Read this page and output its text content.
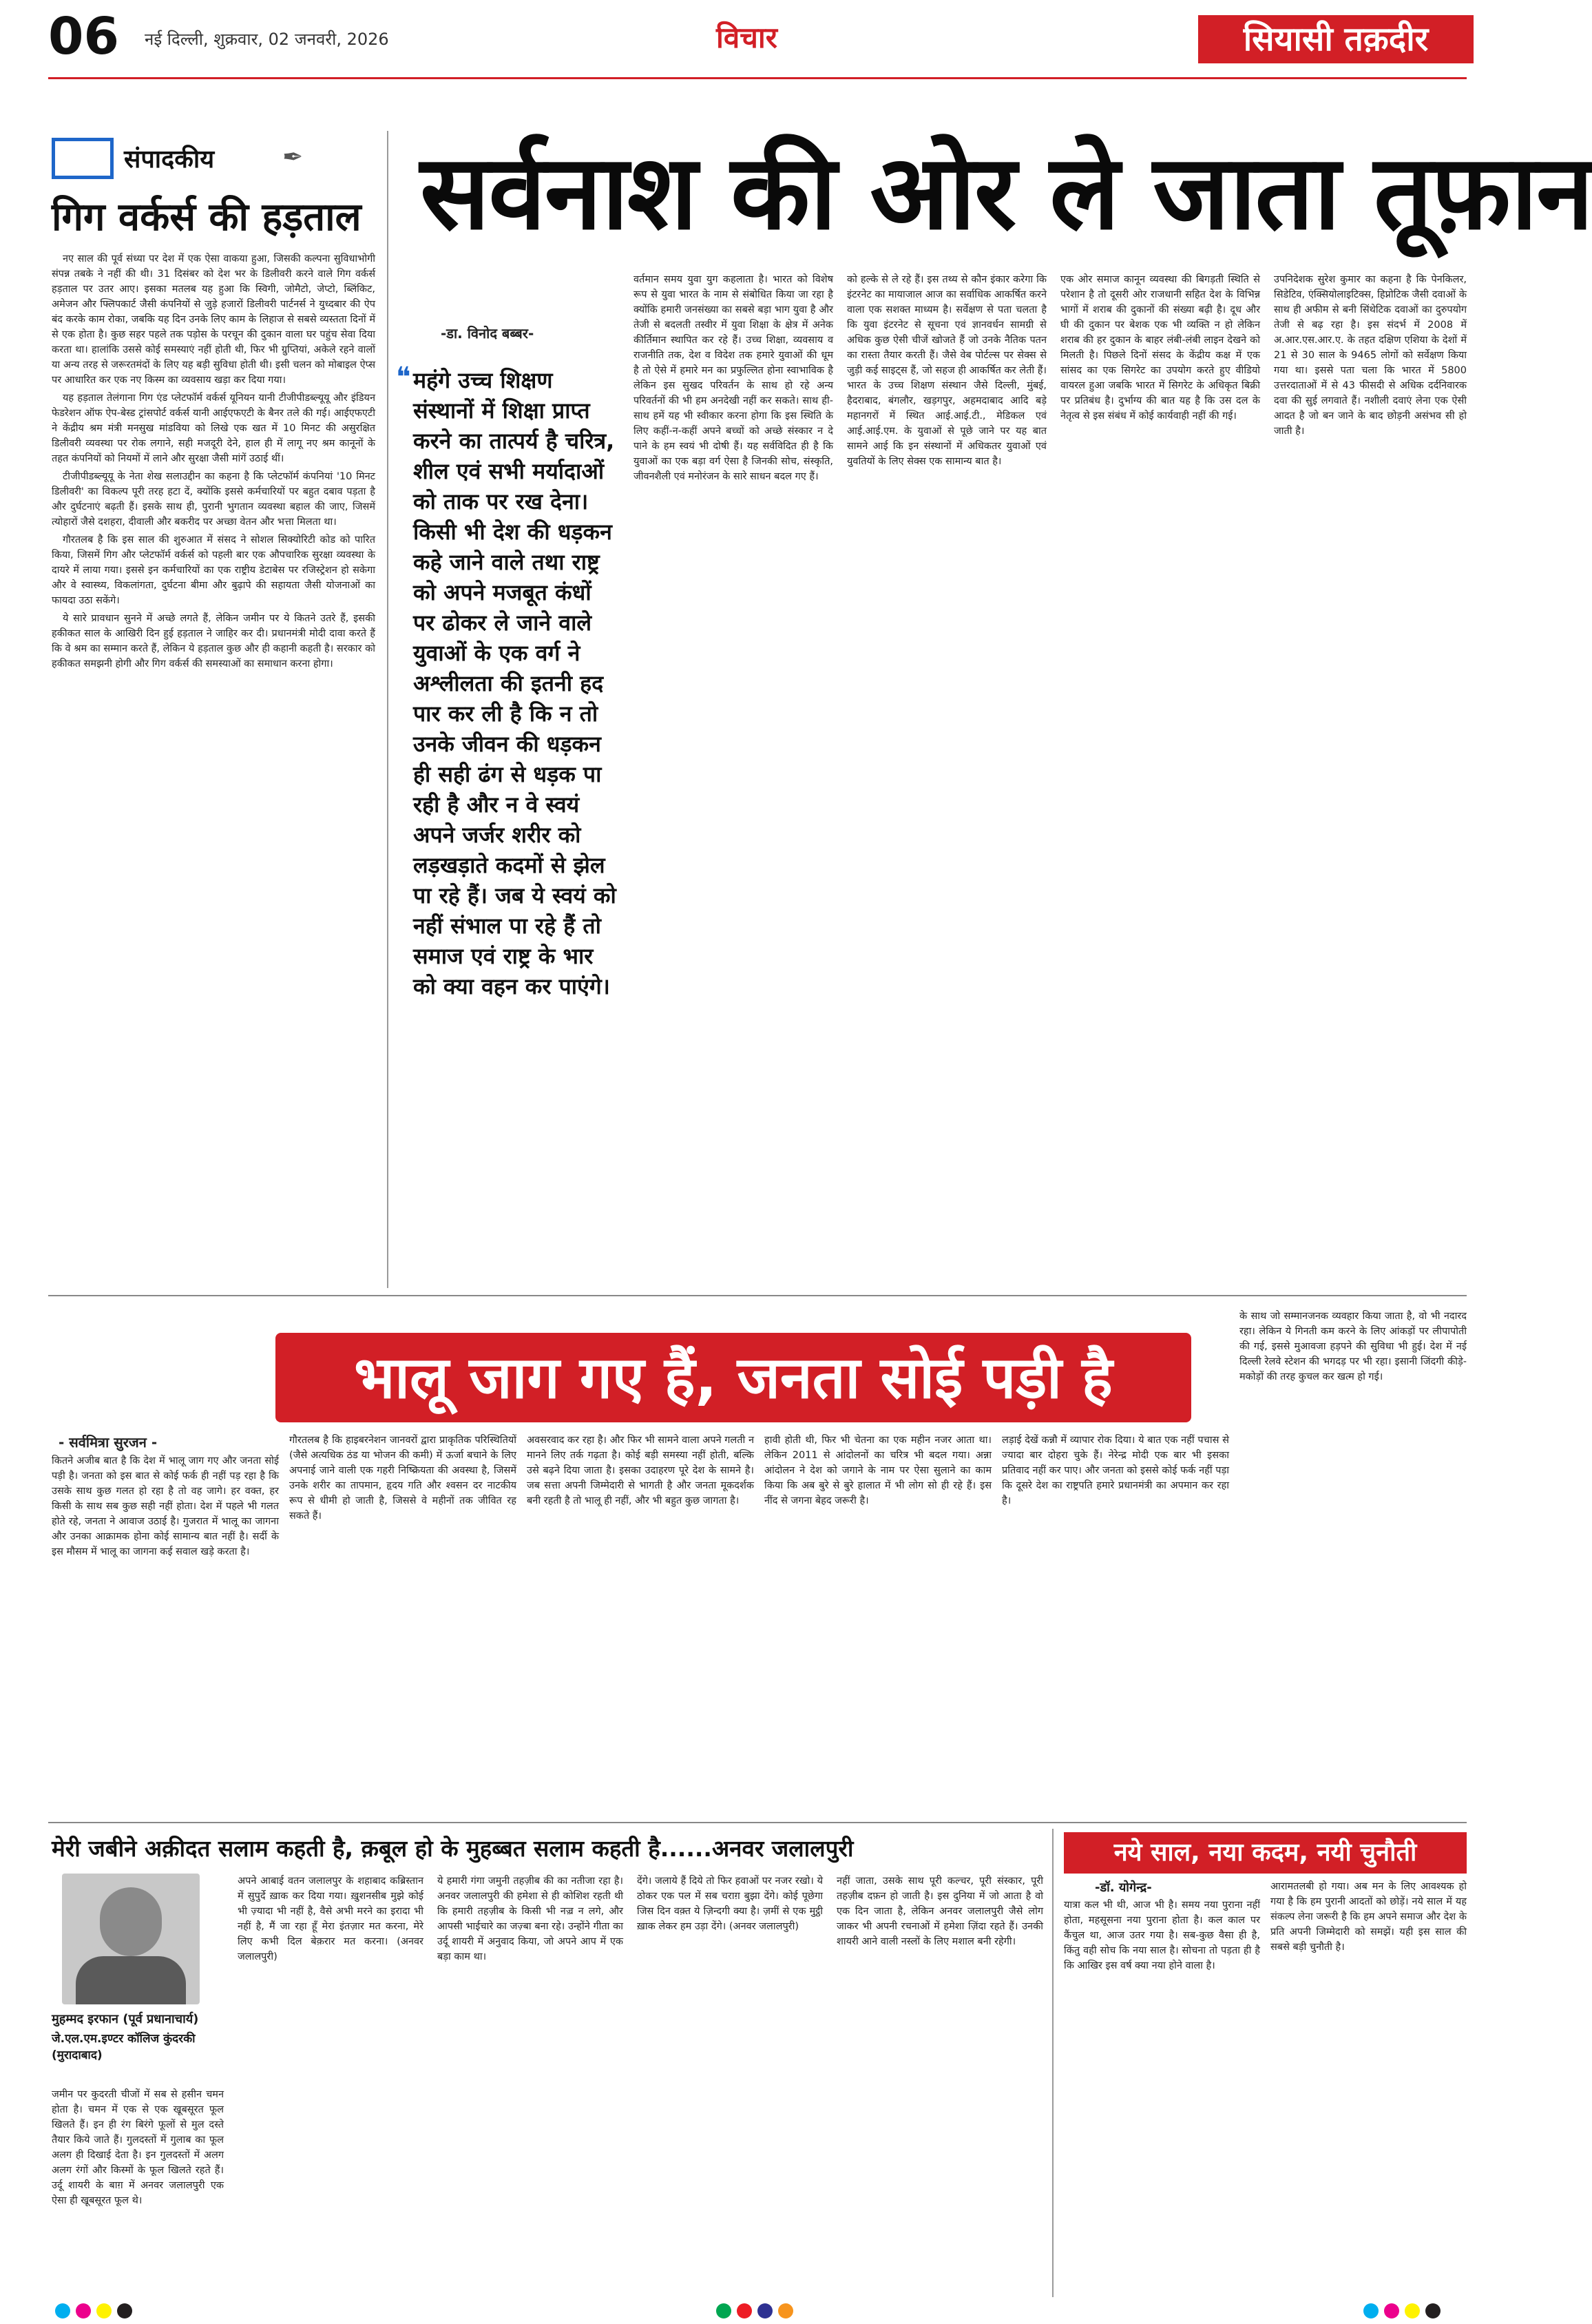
06	नई दिल्ली, शुक्रवार, 02 जनवरी, 2026	विचार	सियासी तक़दीर
संपादकीय	✒
गिग वर्कर्स की हड़ताल

नए साल की पूर्व संध्या पर देश में एक ऐसा वाकया हुआ, जिसकी कल्पना सुविधाभोगी संपन्न तबके ने नहीं की थी। 31 दिसंबर को देश भर के डिलीवरी करने वाले गिग वर्कर्स हड़ताल पर उतर आए। इसका मतलब यह हुआ कि स्विगी, जोमैटो, जेप्टो, ब्लिंकिट, अमेजन और फ्लिपकार्ट जैसी कंपनियों से जुड़े हजारों डिलीवरी पार्टनर्स ने युध्दबार की ऐप बंद करके काम रोका, जबकि यह दिन उनके लिए काम के लिहाज से सबसे व्यस्तता दिनों में से एक होता है। कुछ सहर पहले तक पड़ोस के परचून की दुकान वाला घर पहुंच सेवा दिया करता था। हालांकि उससे कोई समस्याएं नहीं होती थी, फिर भी ग्रुप्तियां, अकेले रहने वालों या अन्य तरह से जरूरतमंदों के लिए यह बड़ी सुविधा होती थी। इसी चलन को मोबाइल ऐप्स पर आधारित कर एक नए किस्म का व्यवसाय खड़ा कर दिया गया।

यह हड़ताल तेलंगाना गिग एंड प्लेटफॉर्म वर्कर्स यूनियन यानी टीजीपीडब्ल्यूयू और इंडियन फेडरेशन ऑफ ऐप-बेस्ड ट्रांसपोर्ट वर्कर्स यानी आईएफएटी के बैनर तले की गई। आईएफएटी ने केंद्रीय श्रम मंत्री मनसुख मांडविया को लिखे एक खत में 10 मिनट की असुरक्षित डिलीवरी व्यवस्था पर रोक लगाने, सही मजदूरी देने, हाल ही में लागू नए श्रम कानूनों के तहत कंपनियों को नियमों में लाने और सुरक्षा जैसी मांगें उठाई थीं।

टीजीपीडब्ल्यूयू के नेता शेख सलाउद्दीन का कहना है कि प्लेटफॉर्म कंपनियां '10 मिनट डिलीवरी' का विकल्प पूरी तरह हटा दें, क्योंकि इससे कर्मचारियों पर बहुत दबाव पड़ता है और दुर्घटनाएं बढ़ती हैं। इसके साथ ही, पुरानी भुगतान व्यवस्था बहाल की जाए, जिसमें त्योहारों जैसे दशहरा, दीवाली और बकरीद पर अच्छा वेतन और भत्ता मिलता था।

गौरतलब है कि इस साल की शुरुआत में संसद ने सोशल सिक्योरिटी कोड को पारित किया, जिसमें गिग और प्लेटफॉर्म वर्कर्स को पहली बार एक औपचारिक सुरक्षा व्यवस्था के दायरे में लाया गया। इससे इन कर्मचारियों का एक राष्ट्रीय डेटाबेस पर रजिस्ट्रेशन हो सकेगा और वे स्वास्थ्य, विकलांगता, दुर्घटना बीमा और बुढ़ापे की सहायता जैसी योजनाओं का फायदा उठा सकेंगे।

ये सारे प्रावधान सुनने में अच्छे लगते हैं, लेकिन जमीन पर ये कितने उतरे हैं, इसकी हकीकत साल के आखिरी दिन हुई हड़ताल ने जाहिर कर दी। प्रधानमंत्री मोदी दावा करते हैं कि वे श्रम का सम्मान करते हैं, लेकिन ये हड़ताल कुछ और ही कहानी कहती है। सरकार को हकीकत समझनी होगी और गिग वर्कर्स की समस्याओं का समाधान करना होगा।

सर्वनाश की ओर ले जाता तूफ़ान
-डा. विनोद बब्बर-
❝ महंगे उच्च शिक्षण संस्थानों में शिक्षा प्राप्त करने का तात्पर्य है चरित्र, शील एवं सभी मर्यादाओं को ताक पर रख देना। किसी भी देश की धड़कन कहे जाने वाले तथा राष्ट्र को अपने मजबूत कंधों पर ढोकर ले जाने वाले युवाओं के एक वर्ग ने अश्लीलता की इतनी हद पार कर ली है कि न तो उनके जीवन की धड़कन ही सही ढंग से धड़क पा रही है और न वे स्वयं अपने जर्जर शरीर को लड़खड़ाते कदमों से झेल पा रहे हैं। जब ये स्वयं को नहीं संभाल पा रहे हैं तो समाज एवं राष्ट्र के भार को क्या वहन कर पाएंगे।
वर्तमान समय युवा युग कहलाता है। भारत को विशेष रूप से युवा भारत के नाम से संबोधित किया जा रहा है क्योंकि हमारी जनसंख्या का सबसे बड़ा भाग युवा है और तेजी से बदलती तस्वीर में युवा शिक्षा के क्षेत्र में अनेक कीर्तिमान स्थापित कर रहे हैं। उच्च शिक्षा, व्यवसाय व राजनीति तक, देश व विदेश तक हमारे युवाओं की धूम है तो ऐसे में हमारे मन का प्रफुल्लित होना स्वाभाविक है लेकिन इस सुखद परिवर्तन के साथ हो रहे अन्य परिवर्तनों की भी हम अनदेखी नहीं कर सकते। साथ ही-साथ हमें यह भी स्वीकार करना होगा कि इस स्थिति के लिए कहीं-न-कहीं अपने बच्चों को अच्छे संस्कार न दे पाने के हम स्वयं भी दोषी हैं। यह सर्वविदित ही है कि युवाओं का एक बड़ा वर्ग ऐसा है जिनकी सोच, संस्कृति, जीवनशैली एवं मनोरंजन के सारे साधन बदल गए हैं।
को हल्के से ले रहे हैं। इस तथ्य से कौन इंकार करेगा कि इंटरनेट का मायाजाल आज का सर्वाधिक आकर्षित करने वाला एक सशक्त माध्यम है। सर्वेक्षण से पता चलता है कि युवा इंटरनेट से सूचना एवं ज्ञानवर्धन सामग्री से अधिक कुछ ऐसी चीजें खोजते हैं जो उनके नैतिक पतन का रास्ता तैयार करती हैं। जैसे वेब पोर्टल्स पर सेक्स से जुड़ी कई साइट्स हैं, जो सहज ही आकर्षित कर लेती हैं। भारत के उच्च शिक्षण संस्थान जैसे दिल्ली, मुंबई, हैदराबाद, बंगलौर, खड़गपुर, अहमदाबाद आदि बड़े महानगरों में स्थित आई.आई.टी., मेडिकल एवं आई.आई.एम. के युवाओं से पूछे जाने पर यह बात सामने आई कि इन संस्थानों में अधिकतर युवाओं एवं युवतियों के लिए सेक्स एक सामान्य बात है।
एक ओर समाज कानून व्यवस्था की बिगड़ती स्थिति से परेशान है तो दूसरी ओर राजधानी सहित देश के विभिन्न भागों में शराब की दुकानों की संख्या बढ़ी है। दूध और घी की दुकान पर बेशक एक भी व्यक्ति न हो लेकिन शराब की हर दुकान के बाहर लंबी-लंबी लाइन देखने को मिलती है। पिछले दिनों संसद के केंद्रीय कक्ष में एक सांसद का एक सिगरेट का उपयोग करते हुए वीडियो वायरल हुआ जबकि भारत में सिगरेट के अधिकृत बिक्री पर प्रतिबंध है। दुर्भाग्य की बात यह है कि उस दल के नेतृत्व से इस संबंध में कोई कार्यवाही नहीं की गई।
उपनिदेशक सुरेश कुमार का कहना है कि पेनकिलर, सिडेटिव, एंक्सियोलाइटिक्स, हिप्नोटिक जैसी दवाओं के साथ ही अफीम से बनी सिंथेटिक दवाओं का दुरुपयोग तेजी से बढ़ रहा है। इस संदर्भ में 2008 में अ.आर.एस.आर.ए. के तहत दक्षिण एशिया के देशों में 21 से 30 साल के 9465 लोगों को सर्वेक्षण किया गया था। इससे पता चला कि भारत में 5800 उत्तरदाताओं में से 43 फीसदी से अधिक दर्दनिवारक दवा की सुई लगवाते हैं। नशीली दवाएं लेना एक ऐसी आदत है जो बन जाने के बाद छोड़नी असंभव सी हो जाती है।
भालू जाग गए हैं, जनता सोई पड़ी है
- सर्वमित्रा सुरजन -
कितने अजीब बात है कि देश में भालू जाग गए और जनता सोई पड़ी है। जनता को इस बात से कोई फर्क ही नहीं पड़ रहा है कि उसके साथ कुछ गलत हो रहा है तो वह जागे। हर वक्त, हर किसी के साथ सब कुछ सही नहीं होता। देश में पहले भी गलत होते रहे, जनता ने आवाज उठाई है। गुजरात में भालू का जागना और उनका आक्रामक होना कोई सामान्य बात नहीं है। सर्दी के इस मौसम में भालू का जागना कई सवाल खड़े करता है।
गौरतलब है कि हाइबरनेशन जानवरों द्वारा प्राकृतिक परिस्थितियों (जैसे अत्यधिक ठंड या भोजन की कमी) में ऊर्जा बचाने के लिए अपनाई जाने वाली एक गहरी निष्क्रियता की अवस्था है, जिसमें उनके शरीर का तापमान, हृदय गति और श्वसन दर नाटकीय रूप से धीमी हो जाती है, जिससे वे महीनों तक जीवित रह सकते हैं।
अवसरवाद कर रहा है। और फिर भी सामने वाला अपने गलती न मानने लिए तर्क गढ़ता है। कोई बड़ी समस्या नहीं होती, बल्कि उसे बढ़ने दिया जाता है। इसका उदाहरण पूरे देश के सामने है। जब सत्ता अपनी जिम्मेदारी से भागती है और जनता मूकदर्शक बनी रहती है तो भालू ही नहीं, और भी बहुत कुछ जागता है।
हावी होती थी, फिर भी चेतना का एक महीन नजर आता था। लेकिन 2011 से आंदोलनों का चरित्र भी बदल गया। अन्ना आंदोलन ने देश को जगाने के नाम पर ऐसा सुलाने का काम किया कि अब बुरे से बुरे हालात में भी लोग सो ही रहे हैं। इस नींद से जगना बेहद जरूरी है।
लड़ाई देखें कन्नौ में व्यापार रोक दिया। ये बात एक नहीं पचास से ज्यादा बार दोहरा चुके हैं। नेरेन्द्र मोदी एक बार भी इसका प्रतिवाद नहीं कर पाए। और जनता को इससे कोई फर्क नहीं पड़ा कि दूसरे देश का राष्ट्रपति हमारे प्रधानमंत्री का अपमान कर रहा है।
के साथ जो सम्मानजनक व्यवहार किया जाता है, वो भी नदारद रहा। लेकिन ये गिनती कम करने के लिए आंकड़ों पर लीपापोती की गई, इससे मुआवजा हड़पने की सुविधा भी हुई। देश में नई दिल्ली रेलवे स्टेशन की भगदड़ पर भी रहा। इसानी जिंदगी कीड़े-मकोड़ों की तरह कुचल कर खत्म हो गई।
मेरी जबीने अक़ीदत सलाम कहती है, क़बूल हो के मुहब्बत सलाम कहती है......अनवर जलालपुरी
मुहम्मद इरफान (पूर्व प्रधानाचार्य)
जे.एल.एम.इण्टर कॉलिज कुंदरकी (मुरादाबाद)
जमीन पर कुदरती चीजों में सब से हसीन चमन होता है। चमन में एक से एक खूबसूरत फूल खिलते हैं। इन ही रंग बिरंगे फूलों से मुल दस्ते तैयार किये जाते हैं। गुलदस्तों में गुलाब का फूल अलग ही दिखाई देता है। इन गुलदस्तों में अलग अलग रंगों और किस्मों के फूल खिलते रहते हैं। उर्दू शायरी के बाग़ में अनवर जलालपुरी एक ऐसा ही खूबसूरत फूल थे।
अपने आबाई वतन जलालपुर के शहाबाद कब्रिस्तान में सुपुर्दे ख़ाक कर दिया गया। ख़ुशनसीब मुझे कोई भी ज़्यादा भी नहीं है, वैसे अभी मरने का इरादा भी नहीं है, मैं जा रहा हूँ मेरा इंतज़ार मत करना, मेरे लिए कभी दिल बेक़रार मत करना। (अनवर जलालपुरी)
ये हमारी गंगा जमुनी तहज़ीब की का नतीजा रहा है। अनवर जलालपुरी की हमेशा से ही कोशिश रहती थी कि हमारी तहज़ीब के किसी भी नज़्र न लगे, और आपसी भाईचारे का जज़्बा बना रहे। उन्होंने गीता का उर्दू शायरी में अनुवाद किया, जो अपने आप में एक बड़ा काम था।
देंगे। जलाये हैं दिये तो फिर हवाओं पर नजर रखो। ये ठोकर एक पल में सब चराग़ बुझा देंगे। कोई पूछेगा जिस दिन वक़्त ये ज़िन्दगी क्या है। ज़मीं से एक मुट्ठी ख़ाक लेकर हम उड़ा देंगे। (अनवर जलालपुरी)
नहीं जाता, उसके साथ पूरी कल्चर, पूरी संस्कार, पूरी तहज़ीब दफ़न हो जाती है। इस दुनिया में जो आता है वो एक दिन जाता है, लेकिन अनवर जलालपुरी जैसे लोग जाकर भी अपनी रचनाओं में हमेशा ज़िंदा रहते हैं। उनकी शायरी आने वाली नस्लों के लिए मशाल बनी रहेगी।
नये साल, नया कदम, नयी चुनौती
-डॉ. योगेन्द्र-
यात्रा कल भी थी, आज भी है। समय नया पुराना नहीं होता, महसूसना नया पुराना होता है। कल काल पर कैंचुल था, आज उतर गया है। सब-कुछ वैसा ही है, किंतु वही सोच कि नया साल है। सोचना तो पड़ता ही है कि आखिर इस वर्ष क्या नया होने वाला है।
आरामतलबी हो गया। अब मन के लिए आवश्यक हो गया है कि हम पुरानी आदतों को छोड़ें। नये साल में यह संकल्प लेना जरूरी है कि हम अपने समाज और देश के प्रति अपनी जिम्मेदारी को समझें। यही इस साल की सबसे बड़ी चुनौती है।
